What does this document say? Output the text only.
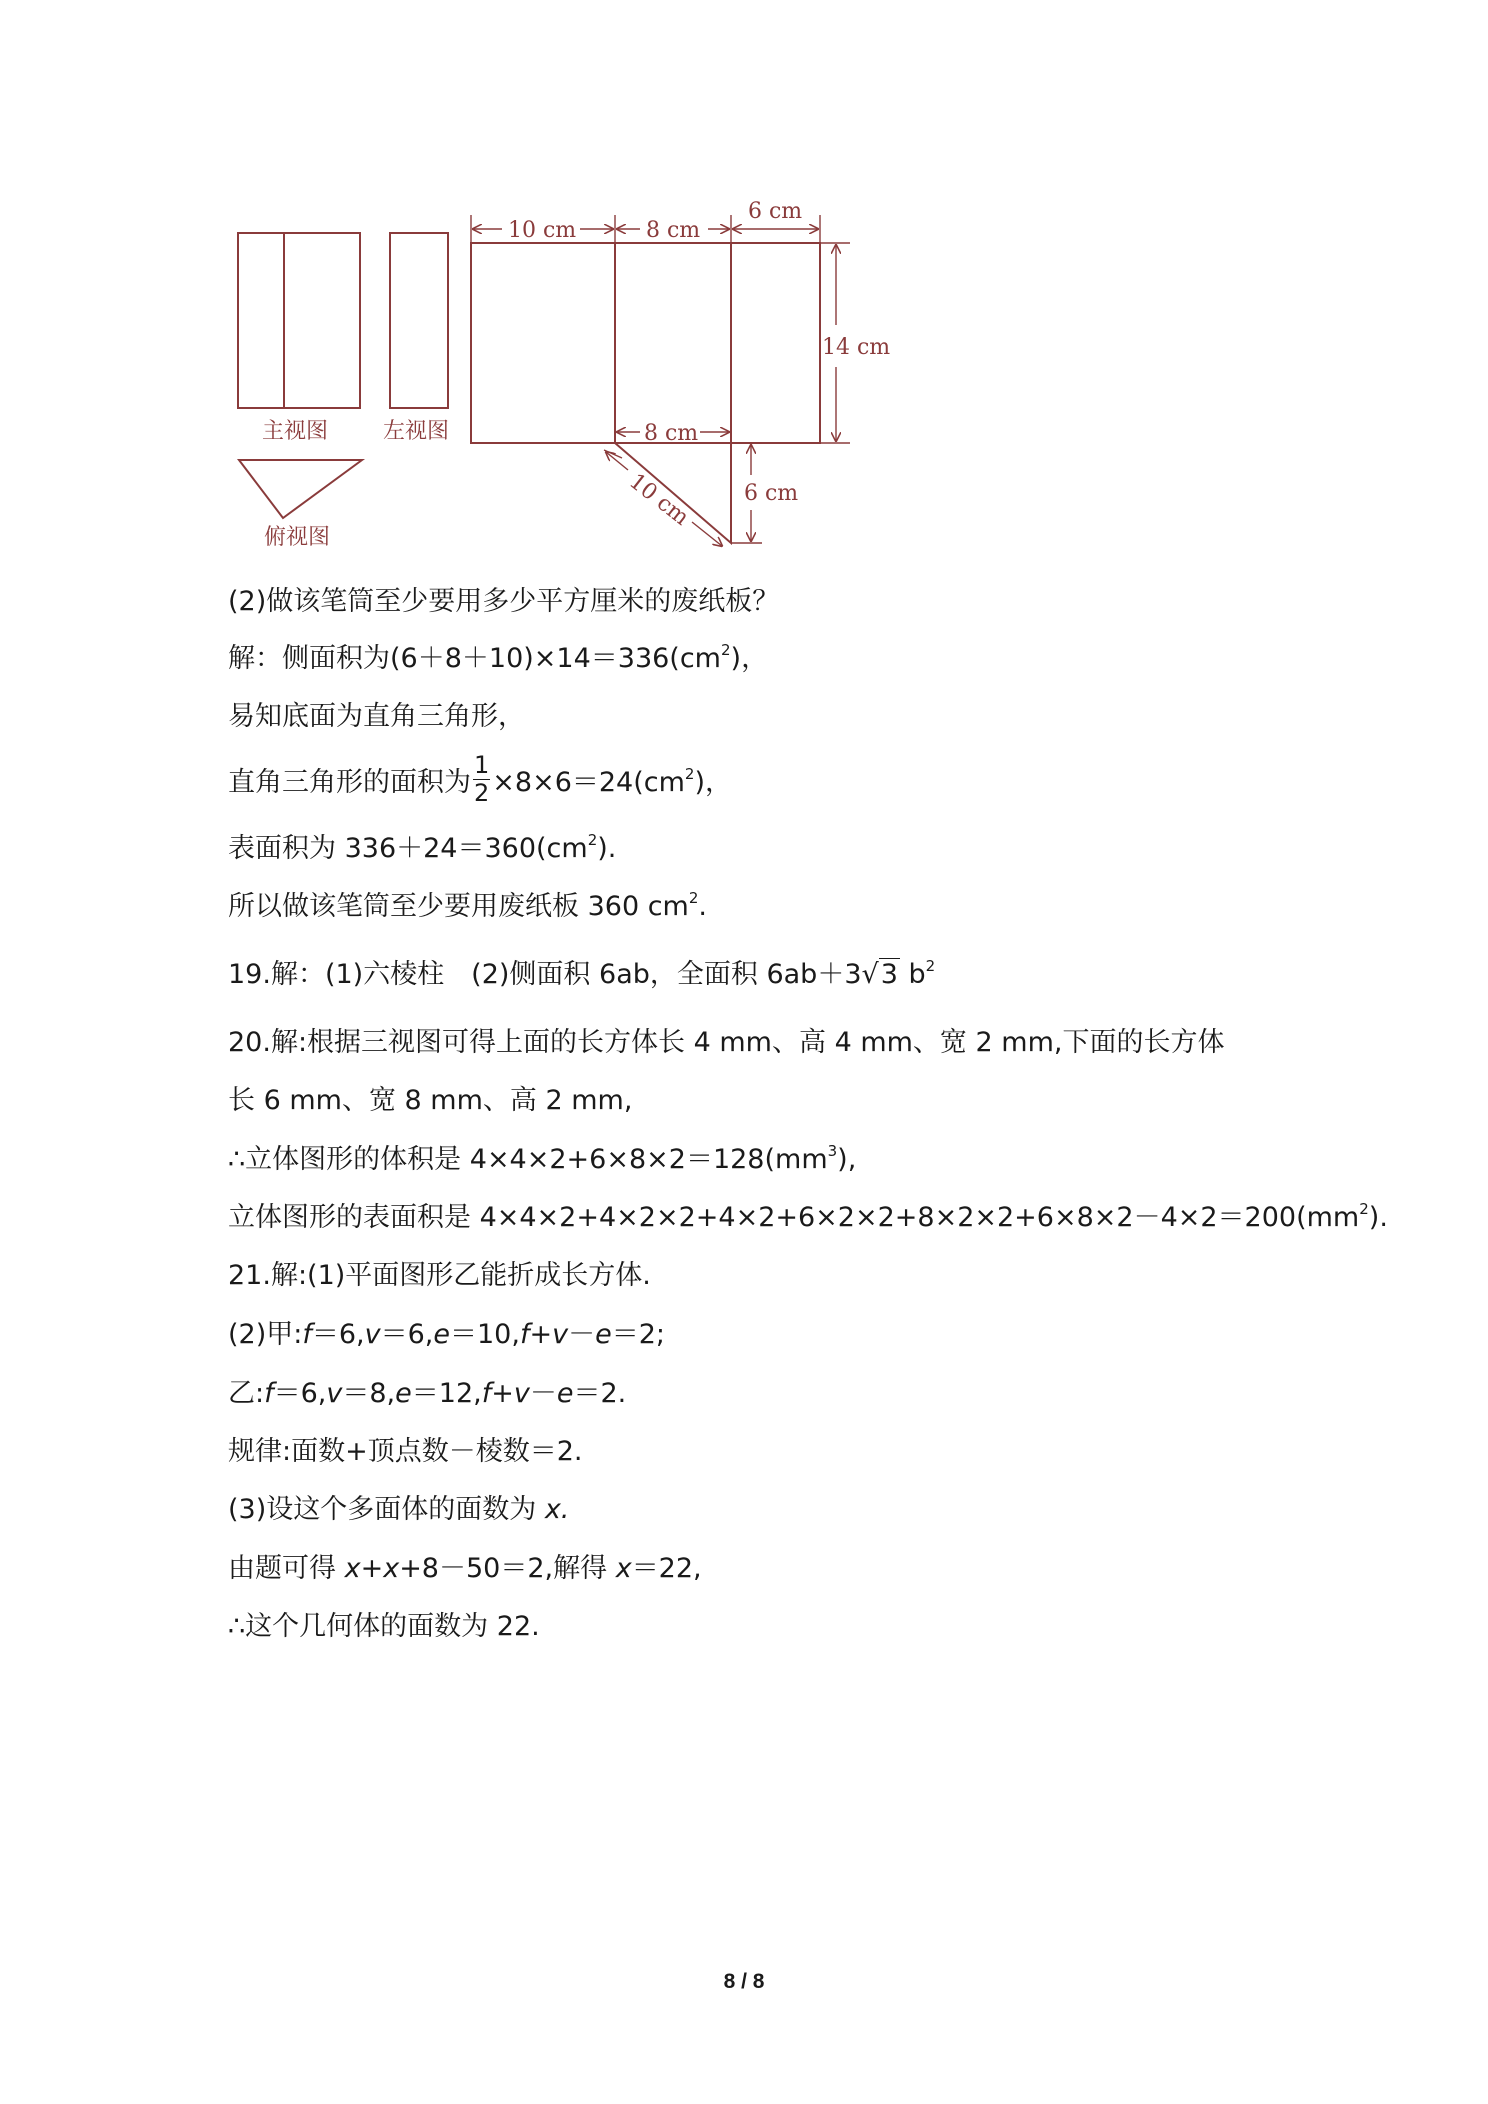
主视图 左视图
俯视图
10 cm	8 cm
6 cm
14 cm
8 cm
6 cm
10 cm
(2)做该笔筒至少要用多少平方厘米的废纸板？
解：侧面积为$(6+8+10)\times 14=336(cm^2)$，
易知底面为直角三角形，
直角三角形的面积为 $\frac{1}{2} \times 8\times 6=24(cm^2)$，
表面积为 $336+24=360(cm^2)$.
所以做该笔筒至少要用废纸板 360 $cm^2$.
19.解：(1)六棱柱　(2)侧面积 6ab，全面积 6ab＋3√3 $b^2$
20.解:根据三视图可得上面的长方体长 4 mm、高 4 mm、宽 2 mm,下面的长方体
长 6 mm、宽 8 mm、高 2 mm,
∴立体图形的体积是 $4\times 4\times 2+6\times 8\times 2=128(mm^3)$,
立体图形的表面积是 $4\times 4\times 2+4\times 2\times 2+4\times 2+6\times 2\times 2+8\times 2\times 2+6\times 8\times 2-4\times 2=200(mm^2)$.
21.解:(1)平面图形乙能折成长方体.
(2)甲:f＝6,v＝6,e＝10,f+v－e＝2;
乙:f＝6,v＝8,e＝12,f+v－e＝2.
规律:面数+顶点数－棱数＝2.
(3)设这个多面体的面数为 x.
由题可得 x+x+8－50＝2,解得 x＝22,
∴这个几何体的面数为 22.
8 / 8
